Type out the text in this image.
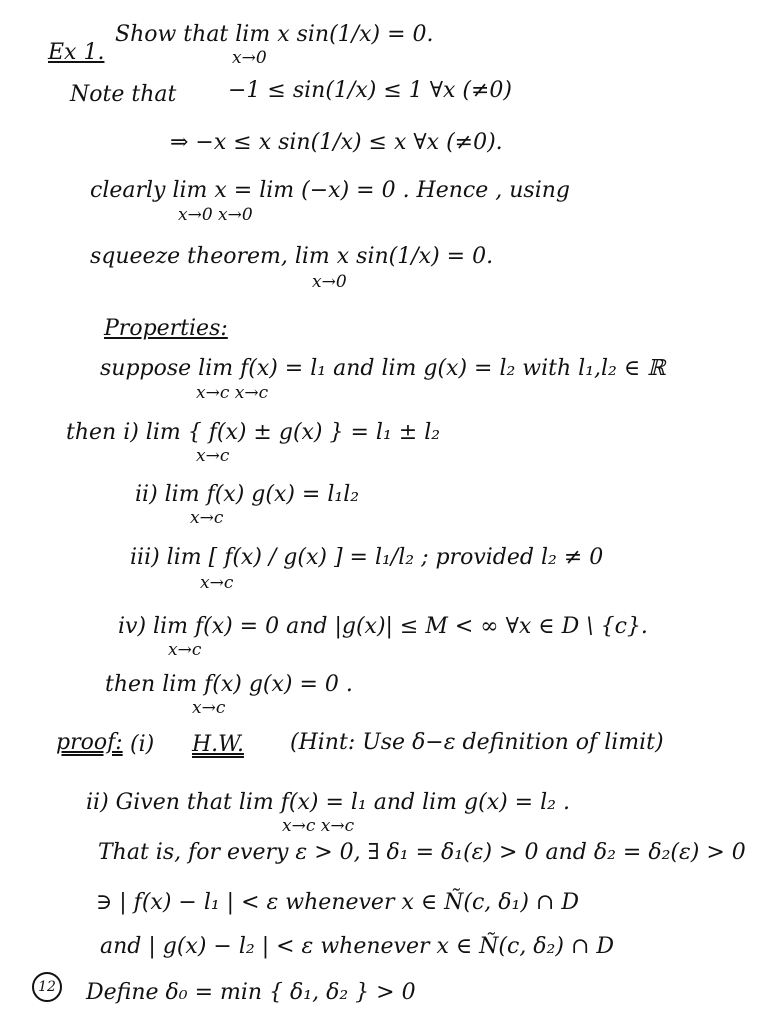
Ex 1.
Show that lim x sin(1/x) = 0.
x→0
Note that −1 ≤ sin(1/x) ≤ 1 ∀x (≠0)
⇒ −x ≤ x sin(1/x) ≤ x ∀x (≠0).
clearly lim x = lim (−x) = 0 . Hence , using
x→0 x→0
squeeze theorem, lim x sin(1/x) = 0.
x→0
Properties:
suppose lim f(x) = l₁ and lim g(x) = l₂ with l₁,l₂ ∈ ℝ
x→c x→c
then i) lim { f(x) ± g(x) } = l₁ ± l₂
x→c
ii) lim f(x) g(x) = l₁l₂
x→c
iii) lim [ f(x) / g(x) ] = l₁/l₂ ; provided l₂ ≠ 0
x→c
iv) lim f(x) = 0 and |g(x)| ≤ M < ∞ ∀x ∈ D \ {c}.
x→c
then lim f(x) g(x) = 0 .
x→c
proof: (i) H.W. (Hint: Use δ−ε definition of limit)
ii) Given that lim f(x) = l₁ and lim g(x) = l₂ .
x→c x→c
That is, for every ε > 0, ∃ δ₁ = δ₁(ε) > 0 and δ₂ = δ₂(ε) > 0
∋ | f(x) − l₁ | < ε whenever x ∈ Ñ(c, δ₁) ∩ D
and | g(x) − l₂ | < ε whenever x ∈ Ñ(c, δ₂) ∩ D
12 Define δ₀ = min { δ₁, δ₂ } > 0
